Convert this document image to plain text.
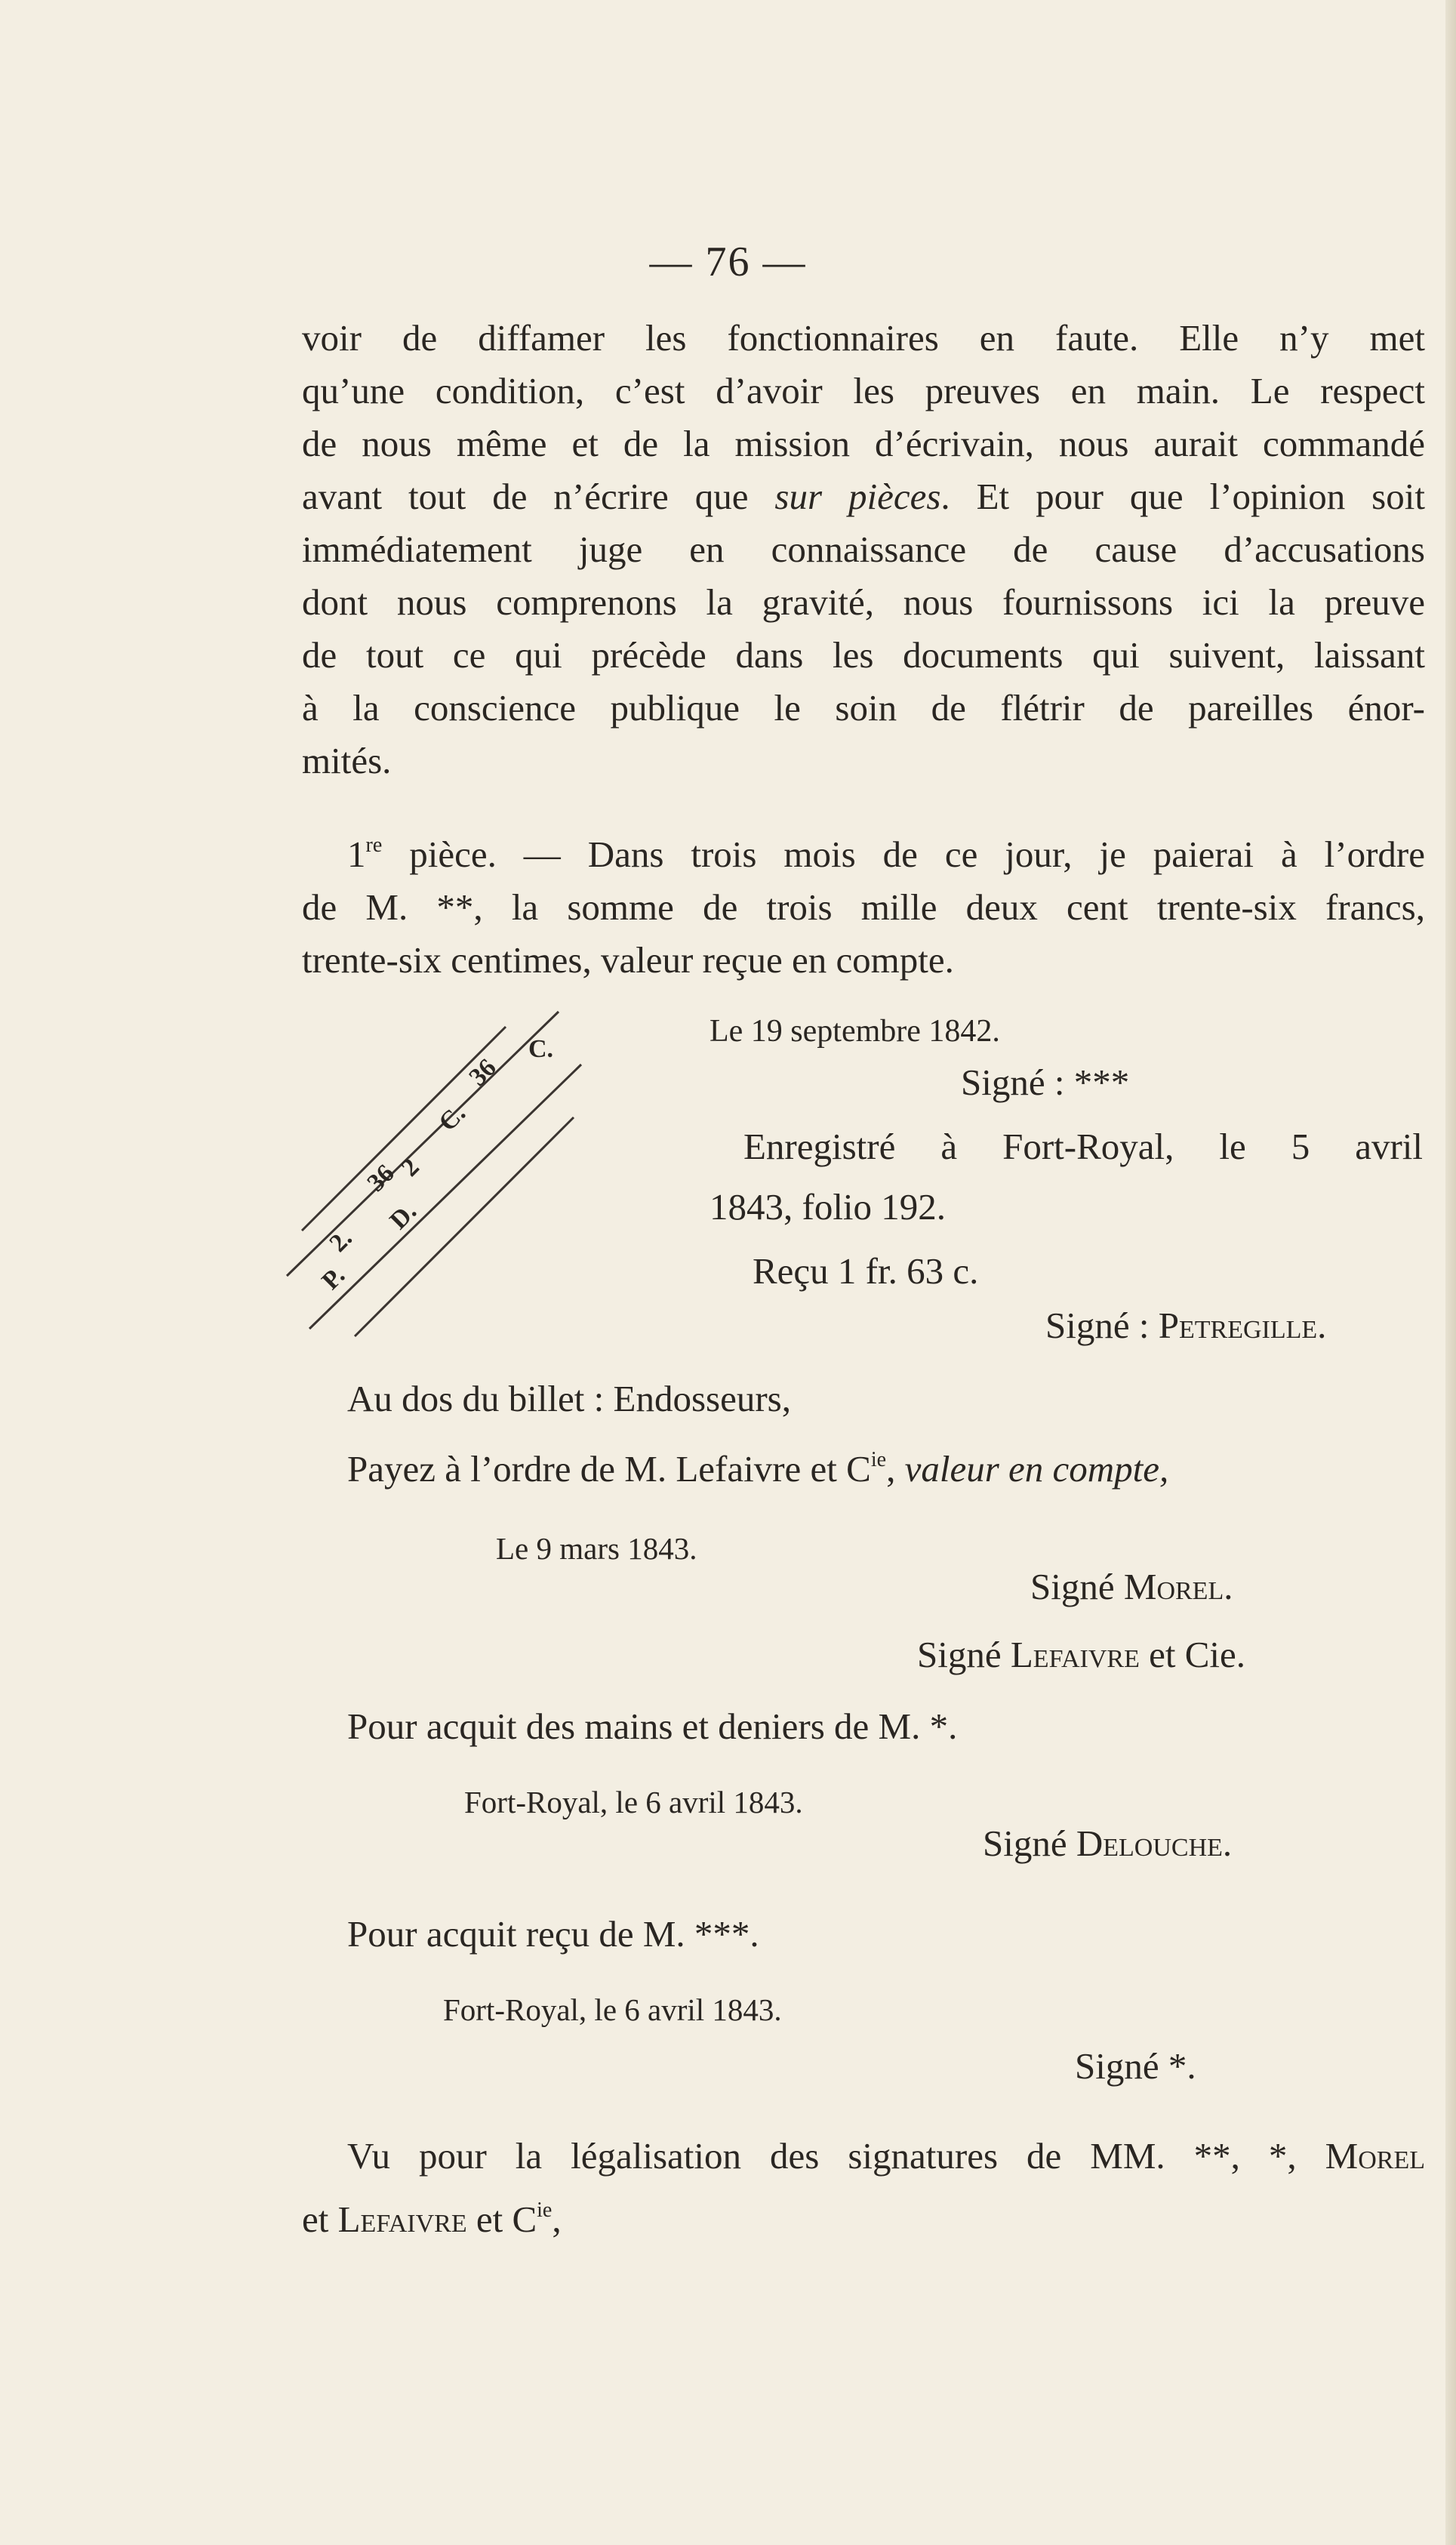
— 76 —
voir de diffamer les fonctionnaires en faute. Elle n’y met
qu’une condition, c’est d’avoir les preuves en main. Le respect
de nous même et de la mission d’écrivain, nous aurait commandé
avant tout de n’écrire que sur pièces. Et pour que l’opinion soit
immédiatement juge en connaissance de cause d’accusations
dont nous comprenons la gravité, nous fournissons ici la preuve
de tout ce qui précède dans les documents qui suivent, laissant
à la conscience publique le soin de flétrir de pareilles énor-
mités.
1re pièce. — Dans trois mois de ce jour, je paierai à l’ordre
de M. **, la somme de trois mille deux cent trente-six francs,
trente-six centimes, valeur reçue en compte.
C.
36
C.
2
36
D.
2.
P.
Le 19 septembre 1842.
Signé : ***
Enregistré à Fort-Royal, le 5 avril
1843, folio 192.
Reçu 1 fr. 63 c.
Signé : Petregille.
Au dos du billet : Endosseurs,
Payez à l’ordre de M. Lefaivre et $C^{ie}$, valeur en compte,
Le 9 mars 1843.
Signé Morel.
Signé Lefaivre et Cie.
Pour acquit des mains et deniers de M. *.
Fort-Royal, le 6 avril 1843.
Signé Delouche.
Pour acquit reçu de M. ***.
Fort-Royal, le 6 avril 1843.
Signé *.
Vu pour la légalisation des signatures de MM. **, *, Morel
et Lefaivre et $C^{ie}$,
